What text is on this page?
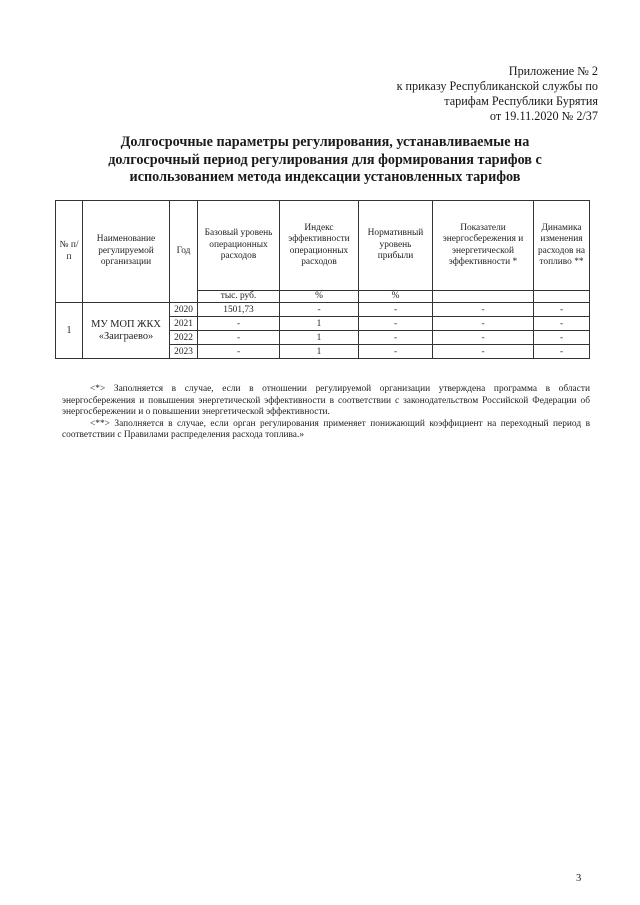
Приложение № 2
к приказу Республиканской службы по
тарифам Республики Бурятия
от 19.11.2020 № 2/37
Долгосрочные параметры регулирования, устанавливаемые на
долгосрочный период регулирования для формирования тарифов с
использованием метода индексации установленных тарифов
№ п/п	Наименование регулируемой организации	Год	Базовый уровень операционных расходов	Индекс эффективности операционных расходов	Нормативный уровень прибыли	Показатели энергосбережения и энергетической эффективности *	Динамика изменения расходов на топливо **
			тыс. руб.	%	%		
1	МУ МОП ЖКХ «Заиграево»	2020	1501,73	-	-	-	-
		2021	-	1	-	-	-
		2022	-	1	-	-	-
		2023	-	1	-	-	-

<*> Заполняется в случае, если в отношении регулируемой организации утверждена программа в области энергосбережения и повышения энергетической эффективности в соответствии с законодательством Российской Федерации об энергосбережении и о повышении энергетической эффективности.

<**> Заполняется в случае, если орган регулирования применяет понижающий коэффициент на переходный период в соответствии с Правилами распределения расхода топлива.»

3
